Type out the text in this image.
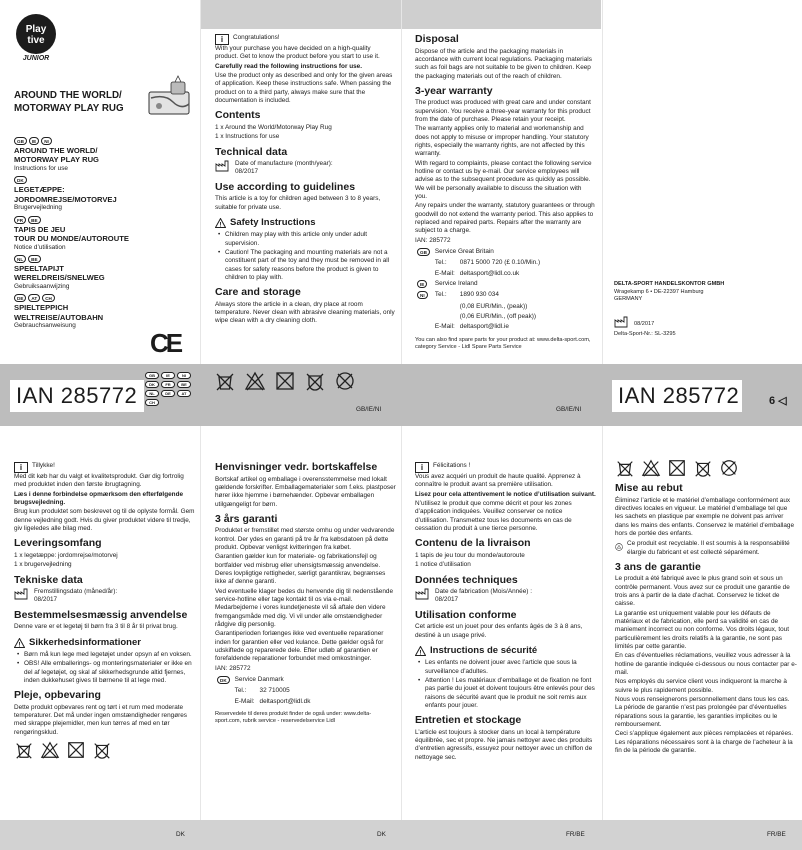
Play
tive
JUNIOR
AROUND THE WORLD/
MOTORWAY PLAY RUG
GB	IE	NI
AROUND THE WORLD/
MOTORWAY PLAY RUG
Instructions for use
DK
LEGETÆPPE:
JORDOMREJSE/MOTORVEJ
Brugervejledning
FR	BE
TAPIS DE JEU
TOUR DU MONDE/AUTOROUTE
Notice d’utilisation
NL	BE
SPEELTAPIJT
WERELDREIS/SNELWEG
Gebruiksaanwijzing
DE	AT	CH
SPIELTEPPICH
WELTREISE/AUTOBAHN
Gebrauchsanweisung
CE
IAN 285772
GB	IE	NI
DK	FR	BE
NL	DE	AT
CH	IAN 285772	6 ◁
GB/IE/NI	GB/IE/NI
i	Congratulations!

With your purchase you have decided on a high-quality product. Get to know the product before you start to use it.

Carefully read the following instructions for use.

Use the product only as described and only for the given areas of application. Keep these instructions safe. When passing the product on to a third party, always make sure that the documentation is included.

Contents

1 x Around the World/Motorway Play Rug

1 x Instructions for use

Technical data
Date of manufacture (month/year):
08/2017
Use according to guidelines

This article is a toy for children aged between 3 to 8 years, suitable for private use.

! Safety Instructions
• Children may play with this article only under adult supervision.
• Caution! The packaging and mounting materials are not a constituent part of the toy and they must be removed in all cases for safety reasons before the product is given to children to play with.
Care and storage

Always store the article in a clean, dry place at room temperature. Never clean with abrasive cleaning materials, only wipe clean with a dry cleaning cloth.

Disposal

Dispose of the article and the packaging materials in accordance with current local regulations. Packaging materials such as foil bags are not suitable to be given to children. Keep the packaging materials out of the reach of children.

3-year warranty

The product was produced with great care and under constant supervision. You receive a three-year warranty for this product from the date of purchase. Please retain your receipt.

The warranty applies only to material and workmanship and does not apply to misuse or improper handling. Your statutory rights, especially the warranty rights, are not affected by this warranty.

With regard to complaints, please contact the following service hotline or contact us by e-mail. Our service employees will advise as to the subsequent procedure as quickly as possible. We will be personally available to discuss the situation with you.

Any repairs under the warranty, statutory guarantees or through goodwill do not extend the warranty period. This also applies to replaced and repaired parts. Repairs after the warranty are subject to a charge.

IAN: 285772

GB	Service Great Britain	
	Tel.:	0871 5000 720 (£ 0.10/Min.)
	E-Mail:	deltasport@lidl.co.uk
IE	Service Ireland	
NI	Tel.:	1890 930 034
		(0,08 EUR/Min., (peak))
		(0,06 EUR/Min., (off peak))
	E-Mail:	deltasport@lidl.ie

You can also find spare parts for your product at: www.delta-sport.com, category Service - Lidl Spare Parts Service

DELTA-SPORT HANDELSKONTOR GMBH
Wragekamp 6 • DE-22397 Hamburg
GERMANY
08/2017
Delta-Sport-Nr.: SL-3295
i	Tillykke!

Med dit køb har du valgt et kvalitetsprodukt. Gør dig fortrolig med produktet inden den første ibrugtagning.

Læs i denne forbindelse opmærksom den efterfølgende brugsvejledning.

Brug kun produktet som beskrevet og til de oplyste formål. Gem denne vejledning godt. Hvis du giver produktet videre til tredje, giv ligeledes alle bilag med.

Leveringsomfang

1 x legetæppe: jordomrejse/motorvej

1 x brugervejledning

Tekniske data
Fremstillingsdato (måned/år):
08/2017
Bestemmelsesmæssig anvendelse

Denne vare er et legetøj til børn fra 3 til 8 år til privat brug.

! Sikkerhedsinformationer
• Børn må kun lege med legetøjet under opsyn af en voksen.
• OBS! Alle emballerings- og monteringsmaterialer er ikke en del af legetøjet, og skal af sikkerhedsgrunde altid fjernes, inden dukkehuset gives til børnene til at lege med.
Pleje, opbevaring

Dette produkt opbevares rent og tørt i et rum med moderate temperaturer. Det må under ingen omstændigheder rengøres med skrappe plejemidler, men kun tørres af med en tør rengøringsklud.

Henvisninger vedr. bortskaffelse

Bortskaf artikel og emballage i overensstemmelse med lokalt gældende forskrifter. Emballagematerialer som f.eks. plastposer hører ikke hjemme i børnehænder. Opbevar emballagen utilgængeligt for børn.

3 års garanti

Produktet er fremstillet med største omhu og under vedvarende kontrol. Der ydes en garanti på tre år fra købsdatoen på dette produkt. Opbevar venligst kvitteringen fra købet.

Garantien gælder kun for materiale- og fabrikationsfejl og bortfalder ved misbrug eller uhensigtsmæssig anvendelse. Deres lovpligtige rettigheder, særligt garantikrav, begrænses ikke af denne garanti.

Ved eventuelle klager bedes du henvende dig til nedenstående service-hotline eller tage kontakt til os via e-mail. Medarbejderne i vores kundetjeneste vil så aftale den videre fremgangsmåde med dig. Vi vil under alle omstændigheder rådgive dig personlig.

Garantiperioden forlænges ikke ved eventuelle reparationer inden for garantien eller ved kulance. Dette gælder også for udskiftede og reparerede dele. Efter udløb af garantien er forefaldende reparationer forbundet med omkostninger.

IAN: 285772

DK	Service Danmark	
	Tel.:	32 710005
	E-Mail:	deltasport@lidl.dk

Reservedele til deres produkt finder de også under: www.delta-sport.com, rubrik service - reservedelservice Lidl

i	Félicitations !

Vous avez acquéri un produit de haute qualité. Apprenez à connaître le produit avant sa première utilisation.

Lisez pour cela attentivement le notice d’utilisation suivant.

N’utilisez le produit que comme décrit et pour les zones d’application indiquées. Veuillez conserver ce notice d’utilisation. Transmettez tous les documents en cas de cessation du produit à une tierce personne.

Contenu de la livraison

1 tapis de jeu tour du monde/autoroute

1 notice d’utilisation

Données techniques
Date de fabrication (Mois/Année) :
08/2017
Utilisation conforme

Cet article est un jouet pour des enfants âgés de 3 à 8 ans, destiné à un usage privé.

! Instructions de sécurité
• Les enfants ne doivent jouer avec l’article que sous la surveillance d’adultes.
• Attention ! Les matériaux d’emballage et de fixation ne font pas partie du jouet et doivent toujours être enlevés pour des raisons de sécurité avant que le produit ne soit remis aux enfants pour jouer.
Entretien et stockage

L’article est toujours à stocker dans un local à température équilibrée, sec et propre. Ne jamais nettoyer avec des produits d’entretien agressifs, essuyez pour nettoyer avec un chiffon de nettoyage sec.

Mise au rebut

Éliminez l’article et le matériel d’emballage conformément aux directives locales en vigueur. Le matériel d’emballage tel que les sachets en plastique par exemple ne doivent pas arriver dans les mains des enfants. Conservez le matériel d’emballage hors de portée des enfants.

Ce produit est recyclable. Il est soumis à la responsabilité élargie du fabricant et est collecté séparément.
3 ans de garantie

Le produit a été fabriqué avec le plus grand soin et sous un contrôle permanent. Vous avez sur ce produit une garantie de trois ans à partir de la date d’achat. Conservez le ticket de caisse.

La garantie est uniquement valable pour les défauts de matériaux et de fabrication, elle perd sa validité en cas de maniement incorrect ou non conforme. Vos droits légaux, tout particulièrement les droits relatifs à la garantie, ne sont pas limités par cette garantie.

En cas d’éventuelles réclamations, veuillez vous adresser à la hotline de garantie indiquée ci-dessous ou nous contacter par e-mail.

Nos employés du service client vous indiqueront la marche à suivre le plus rapidement possible.

Nous vous renseignerons personnellement dans tous les cas. La période de garantie n’est pas prolongée par d’éventuelles réparations sous la garantie, les garanties implicites ou le remboursement.

Ceci s’applique également aux pièces remplacées et réparées. Les réparations nécessaires sont à la charge de l’acheteur à la fin de la période de garantie.

DK	DK	FR/BE	FR/BE
